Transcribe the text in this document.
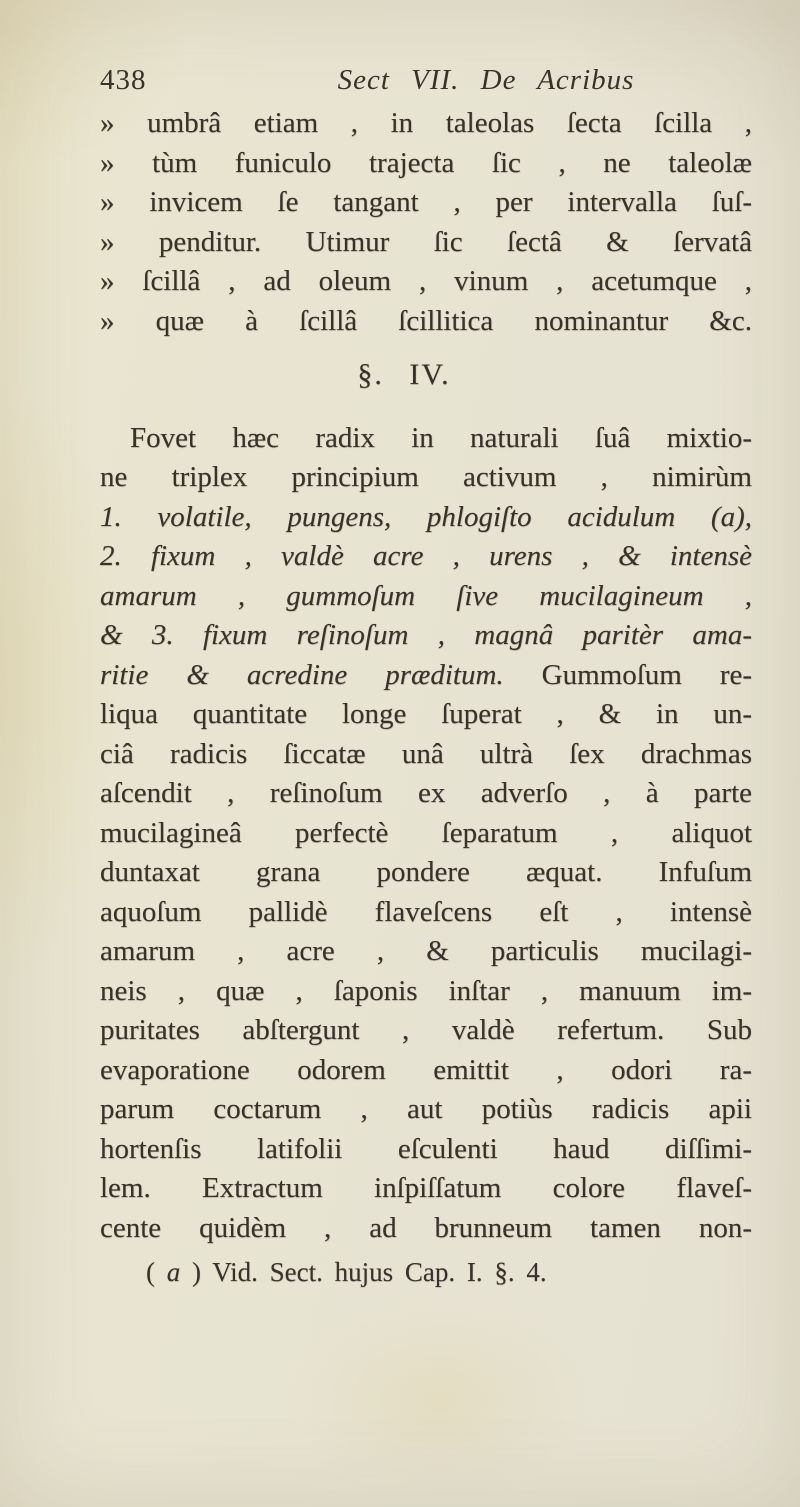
438	Sect VII. De Acribus
» umbrâ etiam , in taleolas ſecta ſcilla ,
» tùm funiculo trajecta ſic , ne taleolæ
» invicem ſe tangant , per intervalla ſuſ-
» penditur. Utimur ſic ſectâ & ſervatâ
» ſcillâ , ad oleum , vinum , acetumque ,
» quæ à ſcillâ ſcillitica nominantur &c.
§. IV.
Fovet hæc radix in naturali ſuâ mixtio-
ne triplex principium activum , nimirùm
1. volatile, pungens, phlogiſto acidulum (a),
2. fixum , valdè acre , urens , & intensè
amarum , gummoſum ſive mucilagineum ,
& 3. fixum reſinoſum , magnâ paritèr ama-
ritie & acredine præditum. Gummoſum re-
liqua quantitate longe ſuperat , & in un-
ciâ radicis ſiccatæ unâ ultrà ſex drachmas
aſcendit , reſinoſum ex adverſo , à parte
mucilagineâ perfectè ſeparatum , aliquot
duntaxat grana pondere æquat. Infuſum
aquoſum pallidè flaveſcens eſt , intensè
amarum , acre , & particulis mucilagi-
neis , quæ , ſaponis inſtar , manuum im-
puritates abſtergunt , valdè refertum. Sub
evaporatione odorem emittit , odori ra-
parum coctarum , aut potiùs radicis apii
hortenſis latifolii eſculenti haud diſſimi-
lem. Extractum inſpiſſatum colore flaveſ-
cente quidèm , ad brunneum tamen non-
( a ) Vid. Sect. hujus Cap. I. §. 4.
